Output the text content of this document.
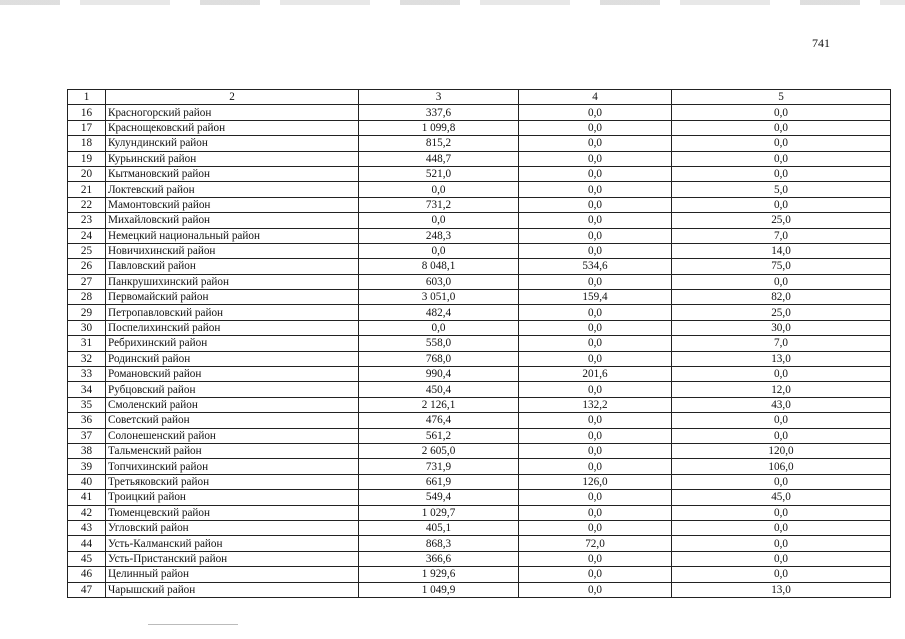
741
1	2	3	4	5
16	Красногорский район	337,6	0,0	0,0
17	Краснощековский район	1 099,8	0,0	0,0
18	Кулундинский район	815,2	0,0	0,0
19	Курьинский район	448,7	0,0	0,0
20	Кытмановский район	521,0	0,0	0,0
21	Локтевский район	0,0	0,0	5,0
22	Мамонтовский район	731,2	0,0	0,0
23	Михайловский район	0,0	0,0	25,0
24	Немецкий национальный район	248,3	0,0	7,0
25	Новичихинский район	0,0	0,0	14,0
26	Павловский район	8 048,1	534,6	75,0
27	Панкрушихинский район	603,0	0,0	0,0
28	Первомайский район	3 051,0	159,4	82,0
29	Петропавловский район	482,4	0,0	25,0
30	Поспелихинский район	0,0	0,0	30,0
31	Ребрихинский район	558,0	0,0	7,0
32	Родинский район	768,0	0,0	13,0
33	Романовский район	990,4	201,6	0,0
34	Рубцовский район	450,4	0,0	12,0
35	Смоленский район	2 126,1	132,2	43,0
36	Советский район	476,4	0,0	0,0
37	Солонешенский район	561,2	0,0	0,0
38	Тальменский район	2 605,0	0,0	120,0
39	Топчихинский район	731,9	0,0	106,0
40	Третьяковский район	661,9	126,0	0,0
41	Троицкий район	549,4	0,0	45,0
42	Тюменцевский район	1 029,7	0,0	0,0
43	Угловский район	405,1	0,0	0,0
44	Усть-Калманский район	868,3	72,0	0,0
45	Усть-Пристанский район	366,6	0,0	0,0
46	Целинный район	1 929,6	0,0	0,0
47	Чарышский район	1 049,9	0,0	13,0
